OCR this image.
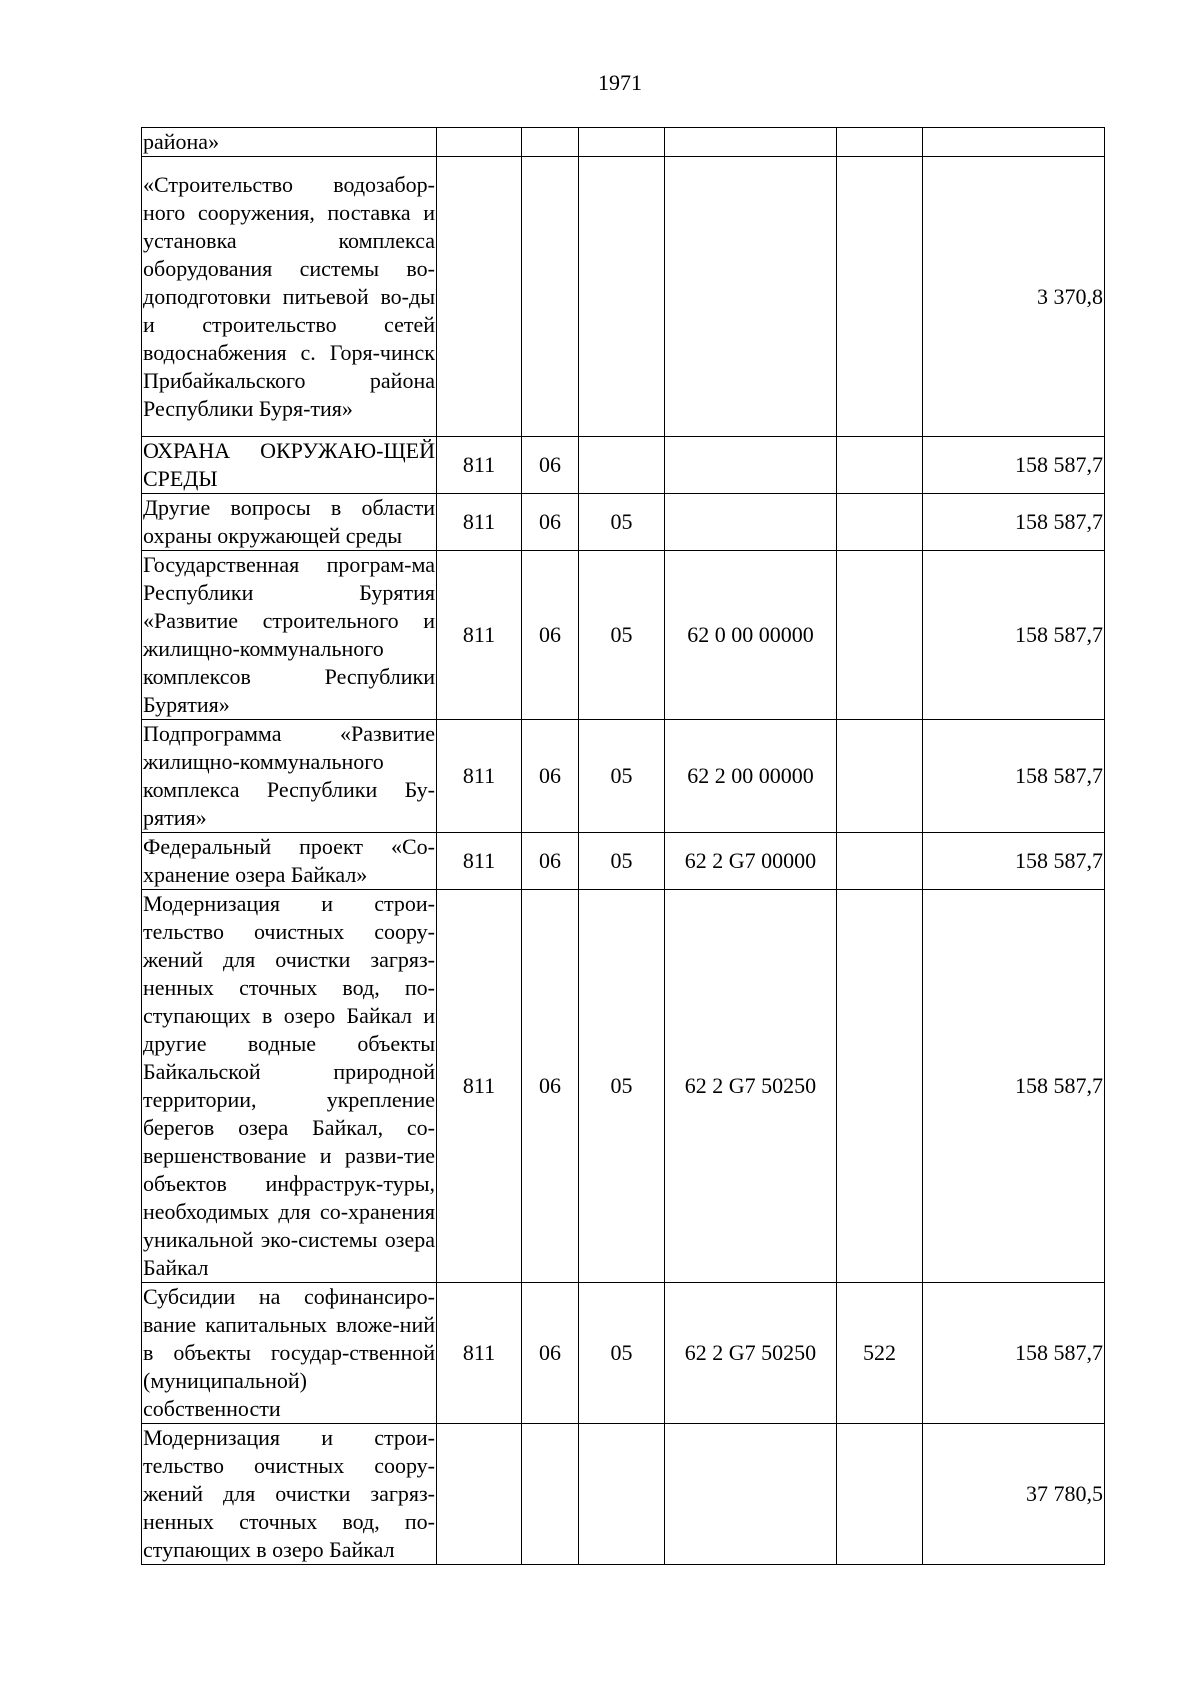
1971
района»						
«Строительство водозабор-ного сооружения, поставка и установка комплекса оборудования системы во-доподготовки питьевой во-ды и строительство сетей водоснабжения с. Горя-чинск Прибайкальского района Республики Буря-тия»						3 370,8
ОХРАНА ОКРУЖАЮ-ЩЕЙ СРЕДЫ	811	06				158 587,7
Другие вопросы в области охраны окружающей среды	811	06	05			158 587,7
Государственная програм-ма Республики Бурятия «Развитие строительного и жилищно-коммунального комплексов Республики Бурятия»	811	06	05	62 0 00 00000		158 587,7
Подпрограмма «Развитие жилищно-коммунального комплекса Республики Бу-рятия»	811	06	05	62 2 00 00000		158 587,7
Федеральный проект «Со-хранение озера Байкал»	811	06	05	62 2 G7 00000		158 587,7
Модернизация и строи-тельство очистных соору-жений для очистки загряз-ненных сточных вод, по-ступающих в озеро Байкал и другие водные объекты Байкальской природной территории, укрепление берегов озера Байкал, со-вершенствование и разви-тие объектов инфраструк-туры, необходимых для со-хранения уникальной эко-системы озера Байкал	811	06	05	62 2 G7 50250		158 587,7
Субсидии на софинансиро-вание капитальных вложе-ний в объекты государ-ственной (муниципальной) собственности	811	06	05	62 2 G7 50250	522	158 587,7
Модернизация и строи-тельство очистных соору-жений для очистки загряз-ненных сточных вод, по-ступающих в озеро Байкал						37 780,5
